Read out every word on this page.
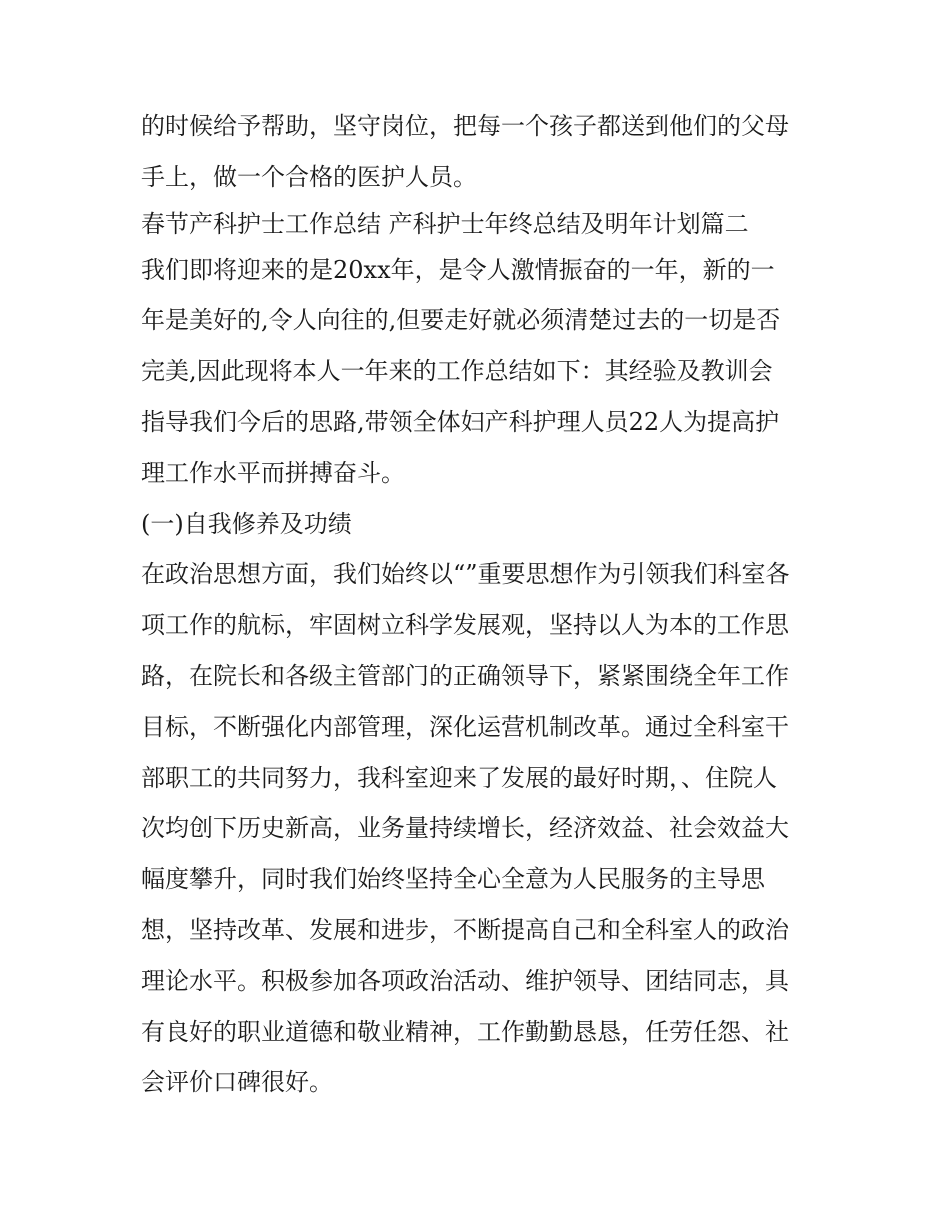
的时候给予帮助，坚守岗位，把每一个孩子都送到他们的父母
手上，做一个合格的医护人员。
春节产科护士工作总结 产科护士年终总结及明年计划篇二
我们即将迎来的是20xx年，是令人激情振奋的一年，新的一
年是美好的,令人向往的,但要走好就必须清楚过去的一切是否
完美,因此现将本人一年来的工作总结如下：其经验及教训会
指导我们今后的思路,带领全体妇产科护理人员22人为提高护
理工作水平而拼搏奋斗。
(一)自我修养及功绩
在政治思想方面，我们始终以“”重要思想作为引领我们科室各
项工作的航标，牢固树立科学发展观，坚持以人为本的工作思
路，在院长和各级主管部门的正确领导下，紧紧围绕全年工作
目标，不断强化内部管理，深化运营机制改革。通过全科室干
部职工的共同努力，我科室迎来了发展的最好时期，、住院人
次均创下历史新高，业务量持续增长，经济效益、社会效益大
幅度攀升，同时我们始终坚持全心全意为人民服务的主导思
想，坚持改革、发展和进步，不断提高自己和全科室人的政治
理论水平。积极参加各项政治活动、维护领导、团结同志，具
有良好的职业道德和敬业精神，工作勤勤恳恳，任劳任怨、社
会评价口碑很好。
